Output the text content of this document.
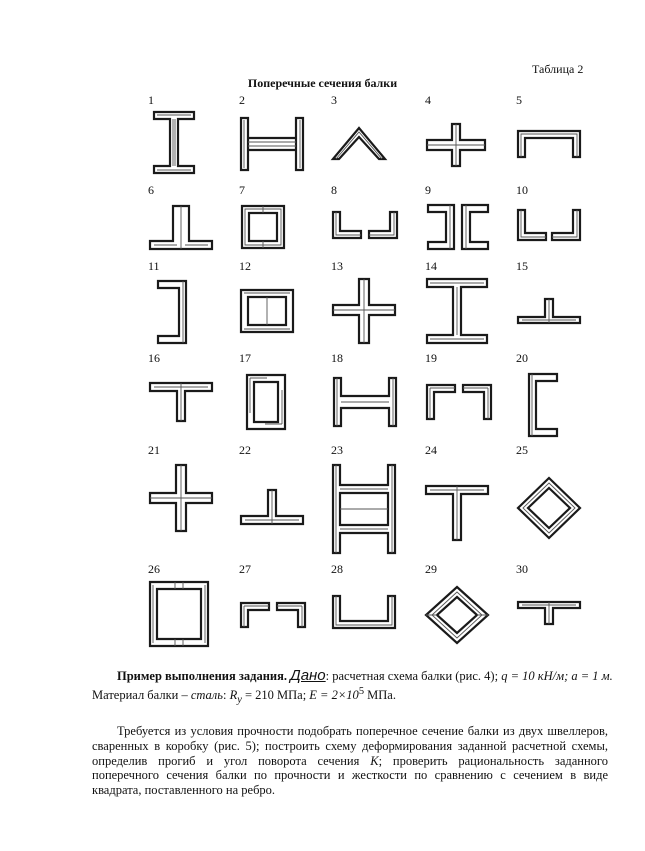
Таблица 2
Поперечные сечения балки
1	2	3	4	5
6	7	8	9	10
11	12	13	14	15
16	17	18	19	20
21	22	23	24	25
26	27	28	29	30
Пример выполнения задания. Дано: расчетная схема балки (рис. 4); q = 10 кН/м; a = 1 м.
Материал балки – сталь: $R_y = 210$ МПа; $E = 2\times 10^5$ МПа.
Требуется из условия прочности подобрать поперечное сечение балки из двух швеллеров, сваренных в коробку (рис. 5); построить схему деформирования заданной расчетной схемы, определив прогиб и угол поворота сечения K; проверить рациональность заданного поперечного сечения балки по прочности и жесткости по сравнению с сечением в виде квадрата, поставленного на ребро.
